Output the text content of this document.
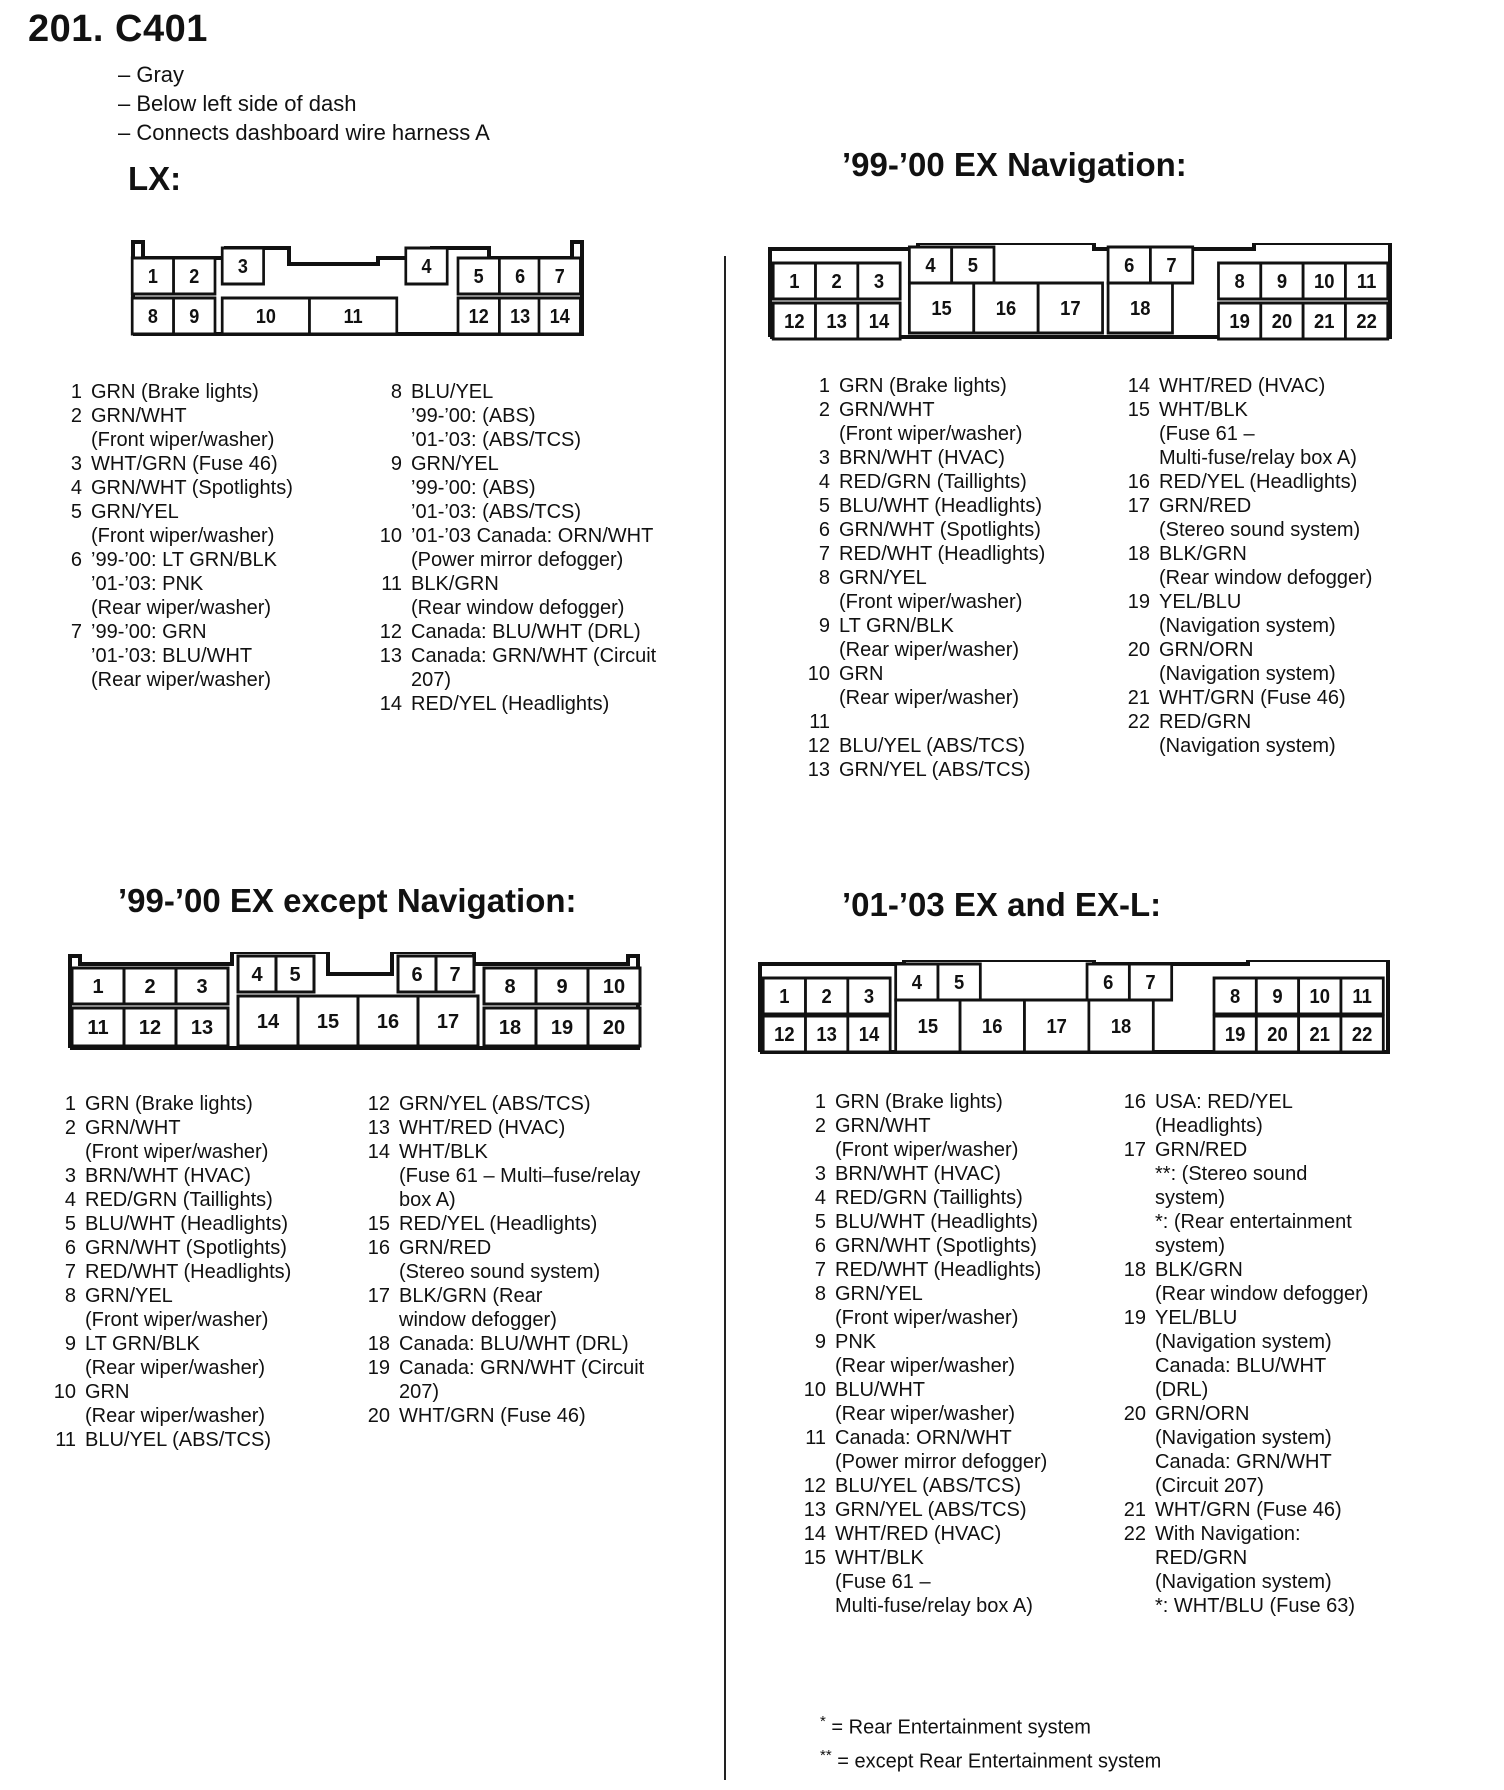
201. C401
– Gray
– Below left side of dash
– Connects dashboard wire harness A
LX:
1 2 3	4 5 6 7
8 9	10	11	12 13 14
1 GRN (Brake lights)
2 GRN/WHT
(Front wiper/washer)
3 WHT/GRN (Fuse 46)
4 GRN/WHT (Spotlights)
5 GRN/YEL
(Front wiper/washer)
6 ’99-’00: LT GRN/BLK
’01-’03: PNK
(Rear wiper/washer)
7 ’99-’00: GRN
’01-’03: BLU/WHT
(Rear wiper/washer)
8 BLU/YEL
’99-’00: (ABS)
’01-’03: (ABS/TCS)
9 GRN/YEL
’99-’00: (ABS)
’01-’03: (ABS/TCS)
10 ’01-’03 Canada: ORN/WHT
(Power mirror defogger)
11 BLK/GRN
(Rear window defogger)
12 Canada: BLU/WHT (DRL)
13 Canada: GRN/WHT (Circuit
207)
14 RED/YEL (Headlights)
’99-’00 EX Navigation:
1 2 3
4 5	6 7
8 9 10 11
12 13 14
15 16 17 18
19 20 21 22
1 GRN (Brake lights)
2 GRN/WHT
(Front wiper/washer)
3 BRN/WHT (HVAC)
4 RED/GRN (Taillights)
5 BLU/WHT (Headlights)
6 GRN/WHT (Spotlights)
7 RED/WHT (Headlights)
8 GRN/YEL
(Front wiper/washer)
9 LT GRN/BLK
(Rear wiper/washer)
10 GRN
(Rear wiper/washer)
11
12 BLU/YEL (ABS/TCS)
13 GRN/YEL (ABS/TCS)
14 WHT/RED (HVAC)
15 WHT/BLK
(Fuse 61 –
Multi-fuse/relay box A)
16 RED/YEL (Headlights)
17 GRN/RED
(Stereo sound system)
18 BLK/GRN
(Rear window defogger)
19 YEL/BLU
(Navigation system)
20 GRN/ORN
(Navigation system)
21 WHT/GRN (Fuse 46)
22 RED/GRN
(Navigation system)
’99-’00 EX except Navigation:
1 2 3
4 5	6 7
8 9 10
11 12 13 14 15 16 17 18 19 20
1 GRN (Brake lights)
2 GRN/WHT
(Front wiper/washer)
3 BRN/WHT (HVAC)
4 RED/GRN (Taillights)
5 BLU/WHT (Headlights)
6 GRN/WHT (Spotlights)
7 RED/WHT (Headlights)
8 GRN/YEL
(Front wiper/washer)
9 LT GRN/BLK
(Rear wiper/washer)
10 GRN
(Rear wiper/washer)
11 BLU/YEL (ABS/TCS)
12 GRN/YEL (ABS/TCS)
13 WHT/RED (HVAC)
14 WHT/BLK
(Fuse 61 – Multi–fuse/relay
box A)
15 RED/YEL (Headlights)
16 GRN/RED
(Stereo sound system)
17 BLK/GRN (Rear
window defogger)
18 Canada: BLU/WHT (DRL)
19 Canada: GRN/WHT (Circuit
207)
20 WHT/GRN (Fuse 46)
’01-’03 EX and EX-L:
1 2 3
4 5	6 7
8 9 10 11
12 13 14 15 16 17 18	19 20 21 22
1 GRN (Brake lights)
2 GRN/WHT
(Front wiper/washer)
3 BRN/WHT (HVAC)
4 RED/GRN (Taillights)
5 BLU/WHT (Headlights)
6 GRN/WHT (Spotlights)
7 RED/WHT (Headlights)
8 GRN/YEL
(Front wiper/washer)
9 PNK
(Rear wiper/washer)
10 BLU/WHT
(Rear wiper/washer)
11 Canada: ORN/WHT
(Power mirror defogger)
12 BLU/YEL (ABS/TCS)
13 GRN/YEL (ABS/TCS)
14 WHT/RED (HVAC)
15 WHT/BLK
(Fuse 61 –
Multi-fuse/relay box A)
16 USA: RED/YEL
(Headlights)
17 GRN/RED
**: (Stereo sound
system)
*: (Rear entertainment
system)
18 BLK/GRN
(Rear window defogger)
19 YEL/BLU
(Navigation system)
Canada: BLU/WHT
(DRL)
20 GRN/ORN
(Navigation system)
Canada: GRN/WHT
(Circuit 207)
21 WHT/GRN (Fuse 46)
22 With Navigation:
RED/GRN
(Navigation system)
*: WHT/BLU (Fuse 63)
* = Rear Entertainment system
** = except Rear Entertainment system
